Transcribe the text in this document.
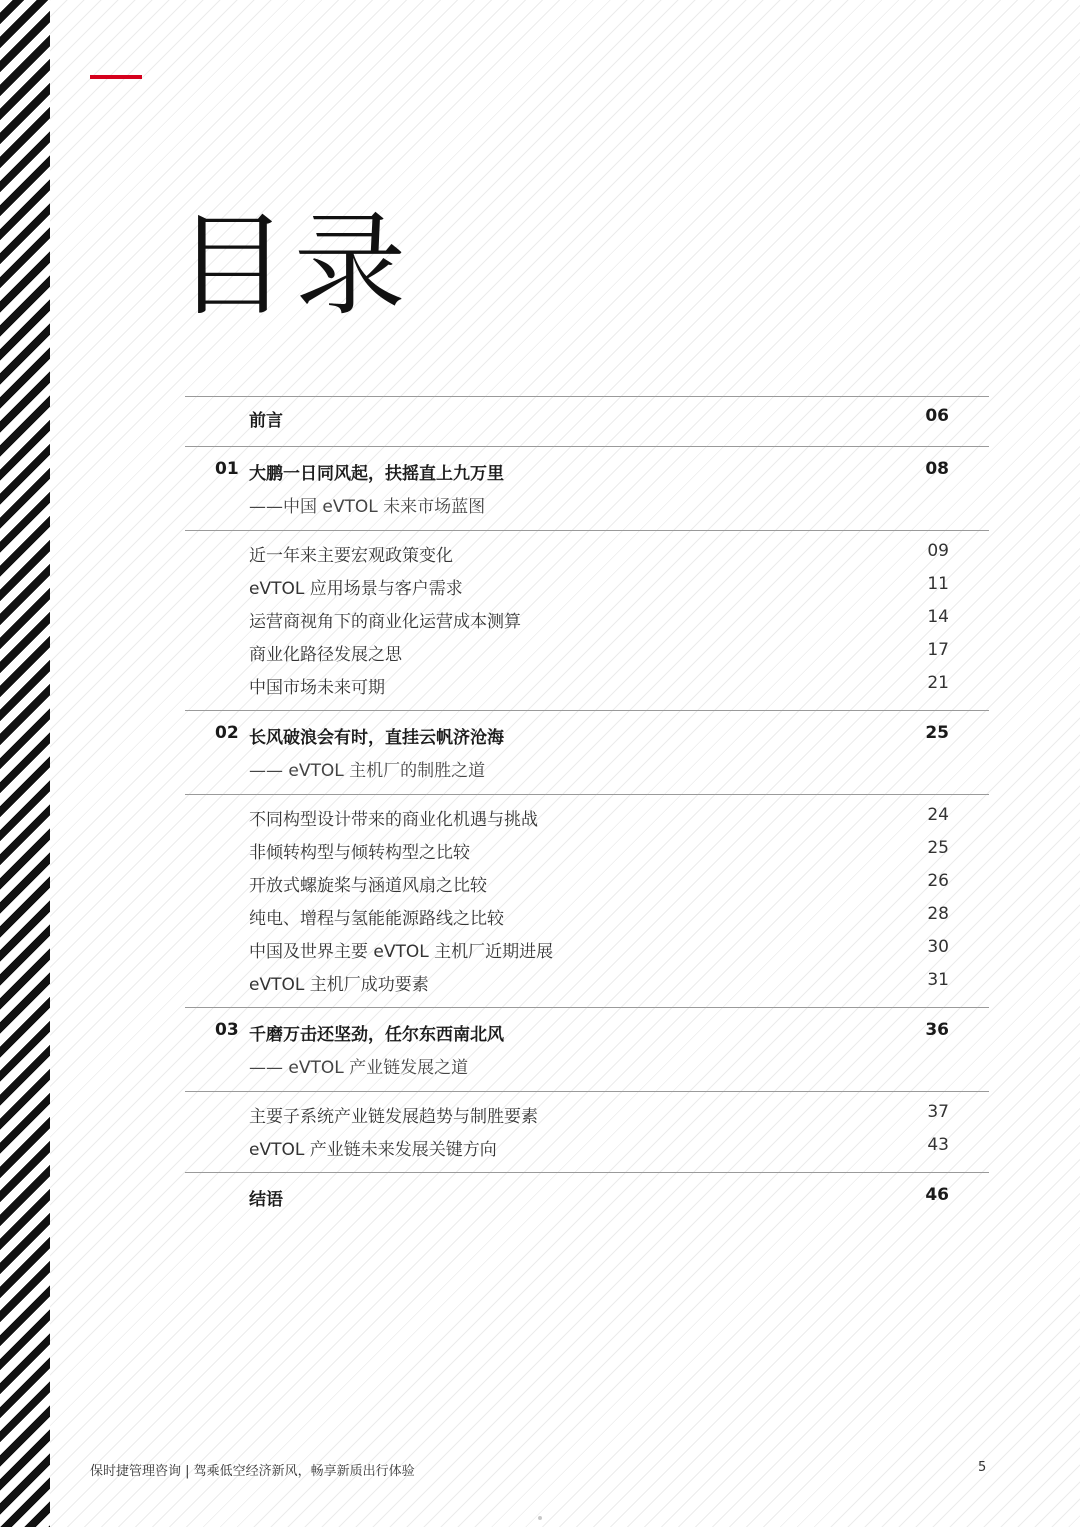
目录
前言	06
01 大鹏一日同风起，扶摇直上九万里	08
——中国 eVTOL 未来市场蓝图
近一年来主要宏观政策变化	09
eVTOL 应用场景与客户需求	11
运营商视角下的商业化运营成本测算	14
商业化路径发展之思	17
中国市场未来可期	21
02 长风破浪会有时，直挂云帆济沧海	25
—— eVTOL 主机厂的制胜之道
不同构型设计带来的商业化机遇与挑战	24
非倾转构型与倾转构型之比较	25
开放式螺旋桨与涵道风扇之比较	26
纯电、增程与氢能能源路线之比较	28
中国及世界主要 eVTOL 主机厂近期进展	30
eVTOL 主机厂成功要素	31
03 千磨万击还坚劲，任尔东西南北风	36
—— eVTOL 产业链发展之道
主要子系统产业链发展趋势与制胜要素	37
eVTOL 产业链未来发展关键方向	43
结语	46
保时捷管理咨询 | 驾乘低空经济新风，畅享新质出行体验	5
